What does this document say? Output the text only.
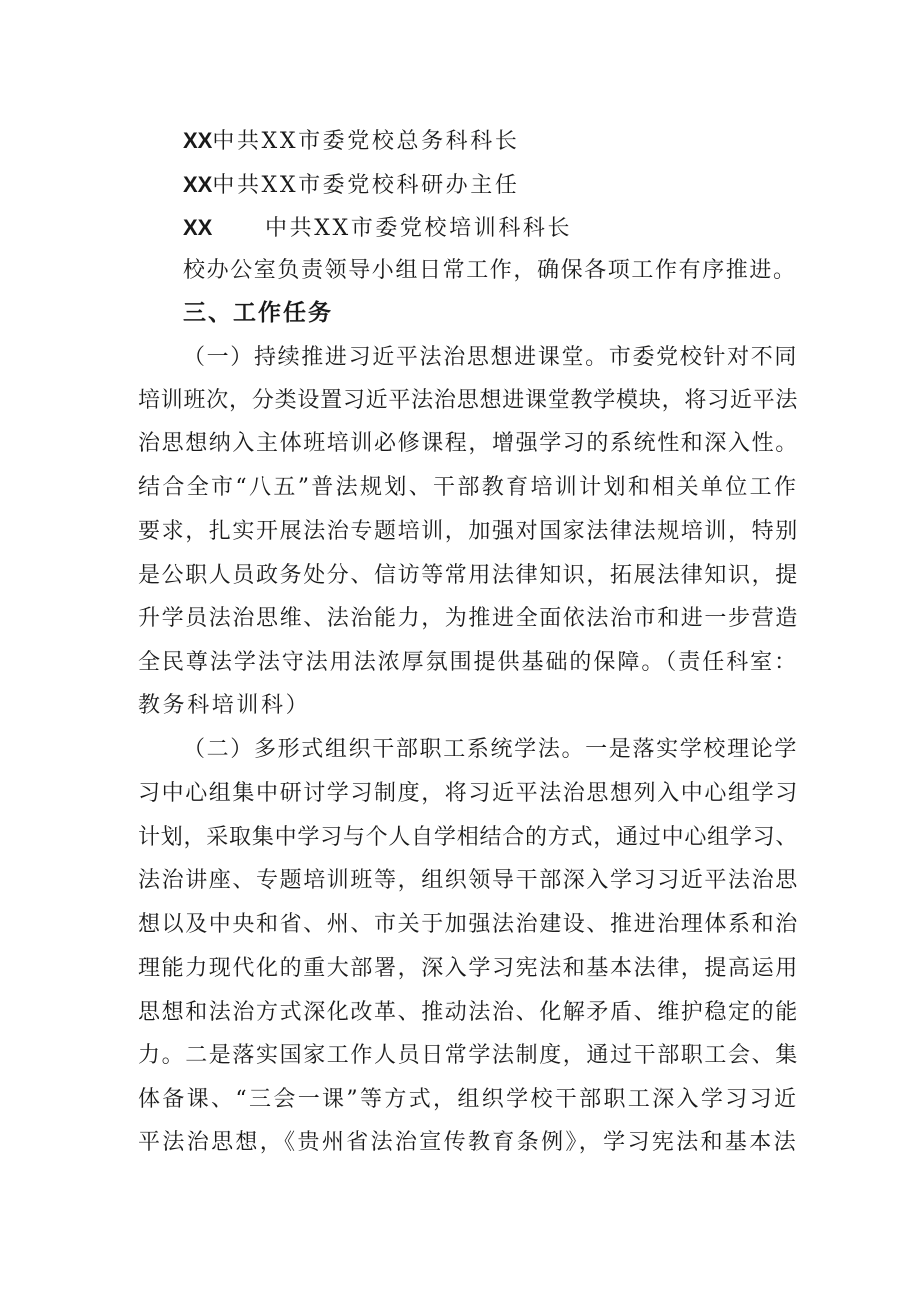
XX中共XX市委党校总务科科长
XX中共XX市委党校科研办主任
XX 中共XX市委党校培训科科长
校办公室负责领导小组日常工作，确保各项工作有序推进。
三、工作任务
（一）持续推进习近平法治思想进课堂。市委党校针对不同
培训班次，分类设置习近平法治思想进课堂教学模块，将习近平法
治思想纳入主体班培训必修课程，增强学习的系统性和深入性。
结合全市“八五”普法规划、干部教育培训计划和相关单位工作
要求，扎实开展法治专题培训，加强对国家法律法规培训，特别
是公职人员政务处分、信访等常用法律知识，拓展法律知识，提
升学员法治思维、法治能力，为推进全面依法治市和进一步营造
全民尊法学法守法用法浓厚氛围提供基础的保障。（责任科室：
教务科培训科）
（二）多形式组织干部职工系统学法。一是落实学校理论学
习中心组集中研讨学习制度，将习近平法治思想列入中心组学习
计划，采取集中学习与个人自学相结合的方式，通过中心组学习、
法治讲座、专题培训班等，组织领导干部深入学习习近平法治思
想以及中央和省、州、市关于加强法治建设、推进治理体系和治
理能力现代化的重大部署，深入学习宪法和基本法律，提高运用
思想和法治方式深化改革、推动法治、化解矛盾、维护稳定的能
力。二是落实国家工作人员日常学法制度，通过干部职工会、集
体备课、“三会一课”等方式，组织学校干部职工深入学习习近
平法治思想，《贵州省法治宣传教育条例》，学习宪法和基本法
